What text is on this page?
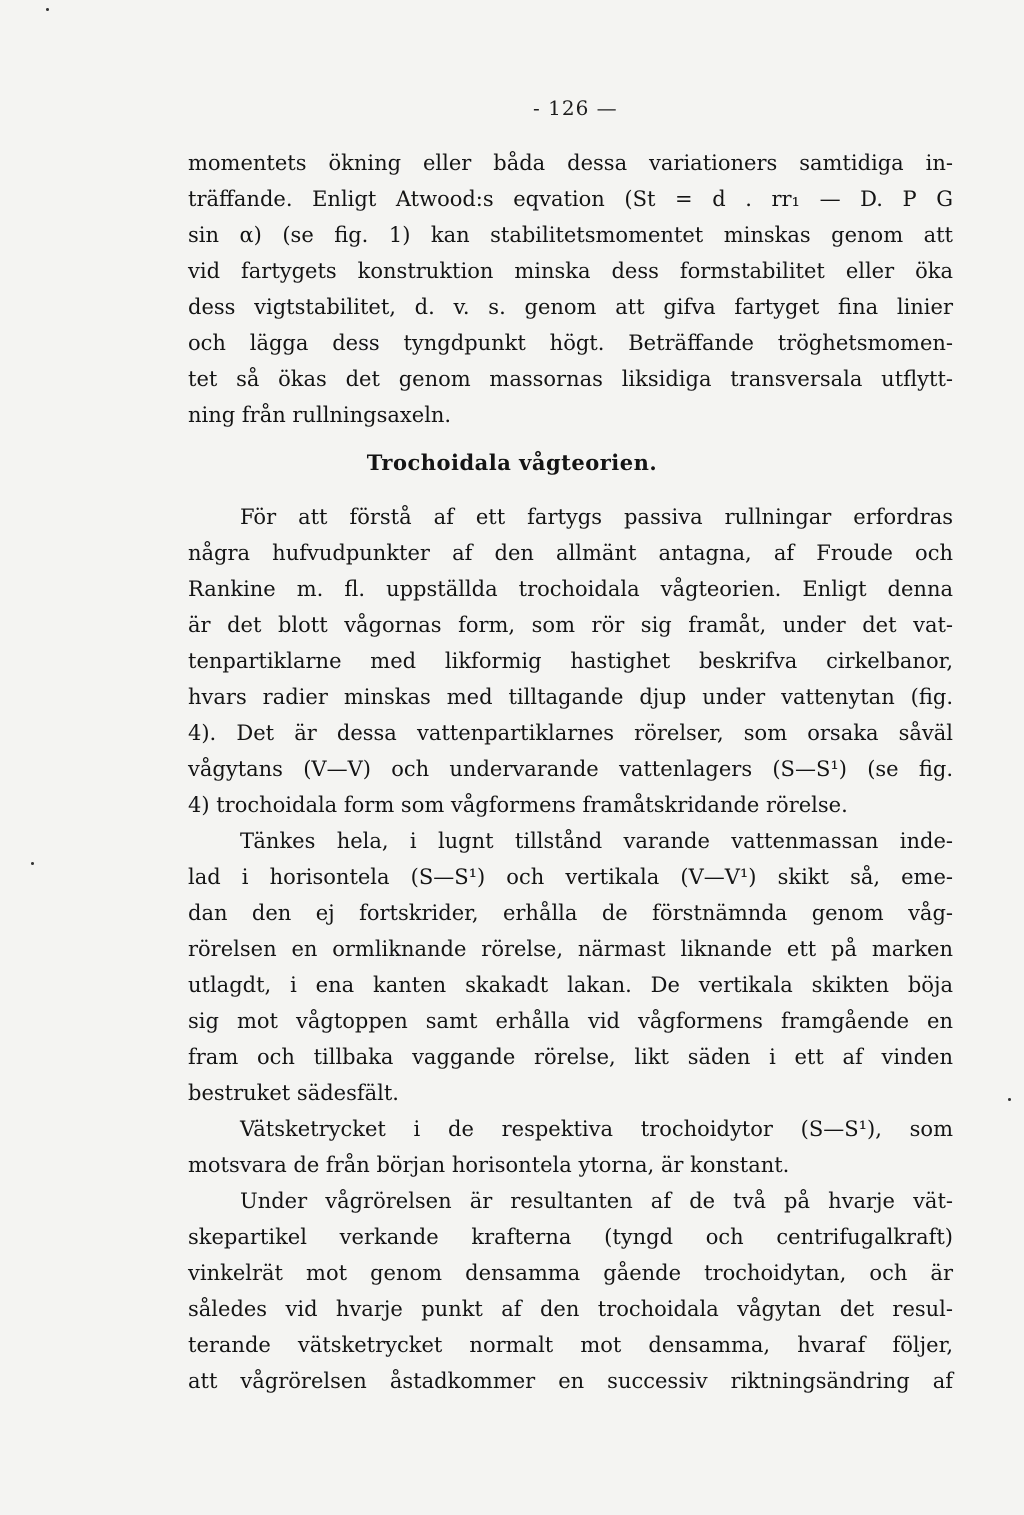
- 126 —
momentets ökning eller båda dessa variationers samtidiga in-
träffande. Enligt Atwood:s eqvation (St = d . rr₁ — D. P G
sin α) (se fig. 1) kan stabilitetsmomentet minskas genom att
vid fartygets konstruktion minska dess formstabilitet eller öka
dess vigtstabilitet, d. v. s. genom att gifva fartyget fina linier
och lägga dess tyngdpunkt högt. Beträffande tröghetsmomen-
tet så ökas det genom massornas liksidiga transversala utflytt-
ning från rullningsaxeln.
Trochoidala vågteorien.
För att förstå af ett fartygs passiva rullningar erfordras
några hufvudpunkter af den allmänt antagna, af Froude och
Rankine m. fl. uppställda trochoidala vågteorien. Enligt denna
är det blott vågornas form, som rör sig framåt, under det vat-
tenpartiklarne med likformig hastighet beskrifva cirkelbanor,
hvars radier minskas med tilltagande djup under vattenytan (fig.
4). Det är dessa vattenpartiklarnes rörelser, som orsaka såväl
vågytans (V—V) och undervarande vattenlagers (S—S¹) (se fig.
4) trochoidala form som vågformens framåtskridande rörelse.
Tänkes hela, i lugnt tillstånd varande vattenmassan inde-
lad i horisontela (S—S¹) och vertikala (V—V¹) skikt så, eme-
dan den ej fortskrider, erhålla de förstnämnda genom våg-
rörelsen en ormliknande rörelse, närmast liknande ett på marken
utlagdt, i ena kanten skakadt lakan. De vertikala skikten böja
sig mot vågtoppen samt erhålla vid vågformens framgående en
fram och tillbaka vaggande rörelse, likt säden i ett af vinden
bestruket sädesfält.
Vätsketrycket i de respektiva trochoidytor (S—S¹), som
motsvara de från början horisontela ytorna, är konstant.
Under vågrörelsen är resultanten af de två på hvarje vät-
skepartikel verkande krafterna (tyngd och centrifugalkraft)
vinkelrät mot genom densamma gående trochoidytan, och är
således vid hvarje punkt af den trochoidala vågytan det resul-
terande vätsketrycket normalt mot densamma, hvaraf följer,
att vågrörelsen åstadkommer en successiv riktningsändring af
